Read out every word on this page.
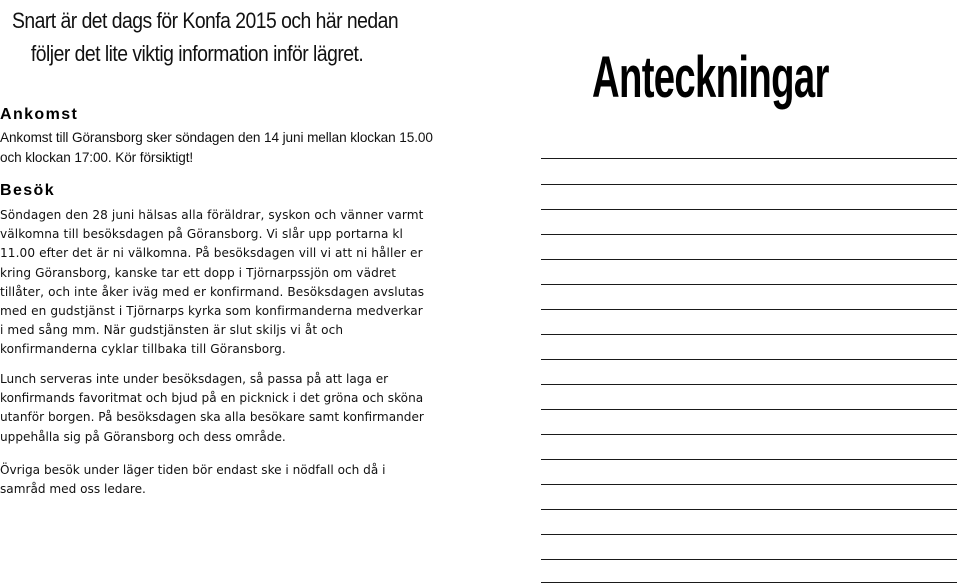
Snart är det dags för Konfa 2015 och här nedan
följer det lite viktig information inför lägret.
Ankomst
Ankomst till Göransborg sker söndagen den 14 juni mellan klockan 15.00 och klockan 17:00. Kör försiktigt!
Besök
Söndagen den 28 juni hälsas alla föräldrar, syskon och vänner varmt välkomna till besöksdagen på Göransborg. Vi slår upp portarna kl 11.00 efter det är ni välkomna. På besöksdagen vill vi att ni håller er kring Göransborg, kanske tar ett dopp i Tjörnarpssjön om vädret tillåter, och inte åker iväg med er konfirmand. Besöksdagen avslutas med en gudstjänst i Tjörnarps kyrka som konfirmanderna medverkar i med sång mm. När gudstjänsten är slut skiljs vi åt och konfirmanderna cyklar tillbaka till Göransborg.
Lunch serveras inte under besöksdagen, så passa på att laga er konfirmands favoritmat och bjud på en picknick i det gröna och sköna utanför borgen. På besöksdagen ska alla besökare samt konfirmander uppehålla sig på Göransborg och dess område.
Övriga besök under läger tiden bör endast ske i nödfall och då i samråd med oss ledare.
Anteckningar
